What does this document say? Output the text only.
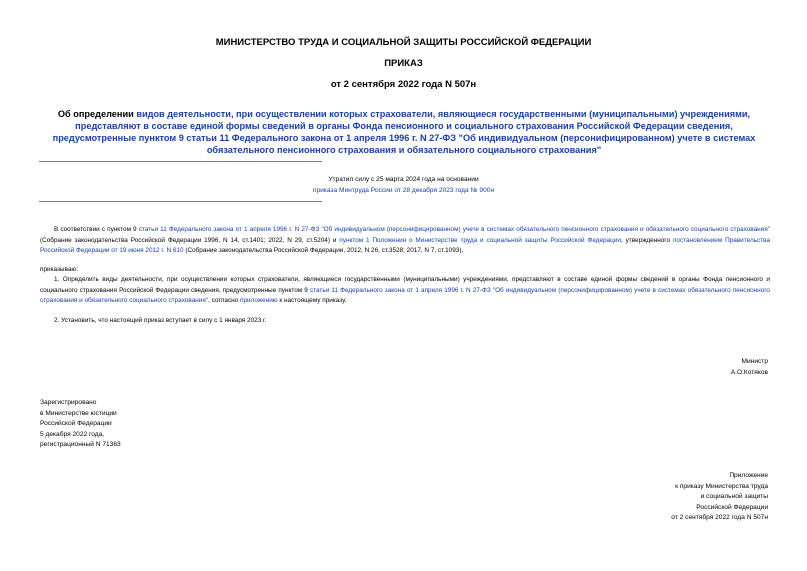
МИНИСТЕРСТВО ТРУДА И СОЦИАЛЬНОЙ ЗАЩИТЫ РОССИЙСКОЙ ФЕДЕРАЦИИ
ПРИКАЗ
от 2 сентября 2022 года N 507н
Об определении видов деятельности, при осуществлении которых страхователи, являющиеся государственными (муниципальными) учреждениями, представляют в составе единой формы сведений в органы Фонда пенсионного и социального страхования Российской Федерации сведения, предусмотренные пунктом 9 статьи 11 Федерального закона от 1 апреля 1996 г. N 27-ФЗ "Об индивидуальном (персонифицированном) учете в системах обязательного пенсионного страхования и обязательного социального страхования"
Утратил силу с 25 марта 2024 года на основании
приказа Минтруда России от 28 декабря 2023 года № 900н
В соответствии с пунктом 9 статьи 11 Федерального закона от 1 апреля 1996 г. N 27-ФЗ "Об индивидуальном (персонифицированном) учете в системах обязательного пенсионного страхования и обязательного социального страхования" (Собрание законодательства Российской Федерации 1996, N 14, ст.1401; 2022, N 29, ст.5204) и пунктом 1 Положения о Министерстве труда и социальной защиты Российской Федерации, утвержденного постановлением Правительства Российской Федерации от 19 июня 2012 г. N 610 (Собрание законодательства Российской Федерации, 2012, N 26, ст.3528; 2017, N 7, ст.1093),
приказываю:
1. Определить виды деятельности, при осуществлении которых страхователи, являющиеся государственными (муниципальными) учреждениями, представляют в составе единой формы сведений в органы Фонда пенсионного и социального страхования Российской Федерации сведения, предусмотренные пунктом 9 статьи 11 Федерального закона от 1 апреля 1996 г. N 27-ФЗ "Об индивидуальном (персонифицированном) учете в системах обязательного пенсионного страхования и обязательного социального страхования", согласно приложению к настоящему приказу.
2. Установить, что настоящий приказ вступает в силу с 1 января 2023 г.
Министр
А.О.Котяков
Зарегистрировано
в Министерстве юстиции
Российской Федерации
5 декабря 2022 года,
регистрационный N 71363
Приложение
к приказу Министерства труда
и социальной защиты
Российской Федерации
от 2 сентября 2022 года N 507н
